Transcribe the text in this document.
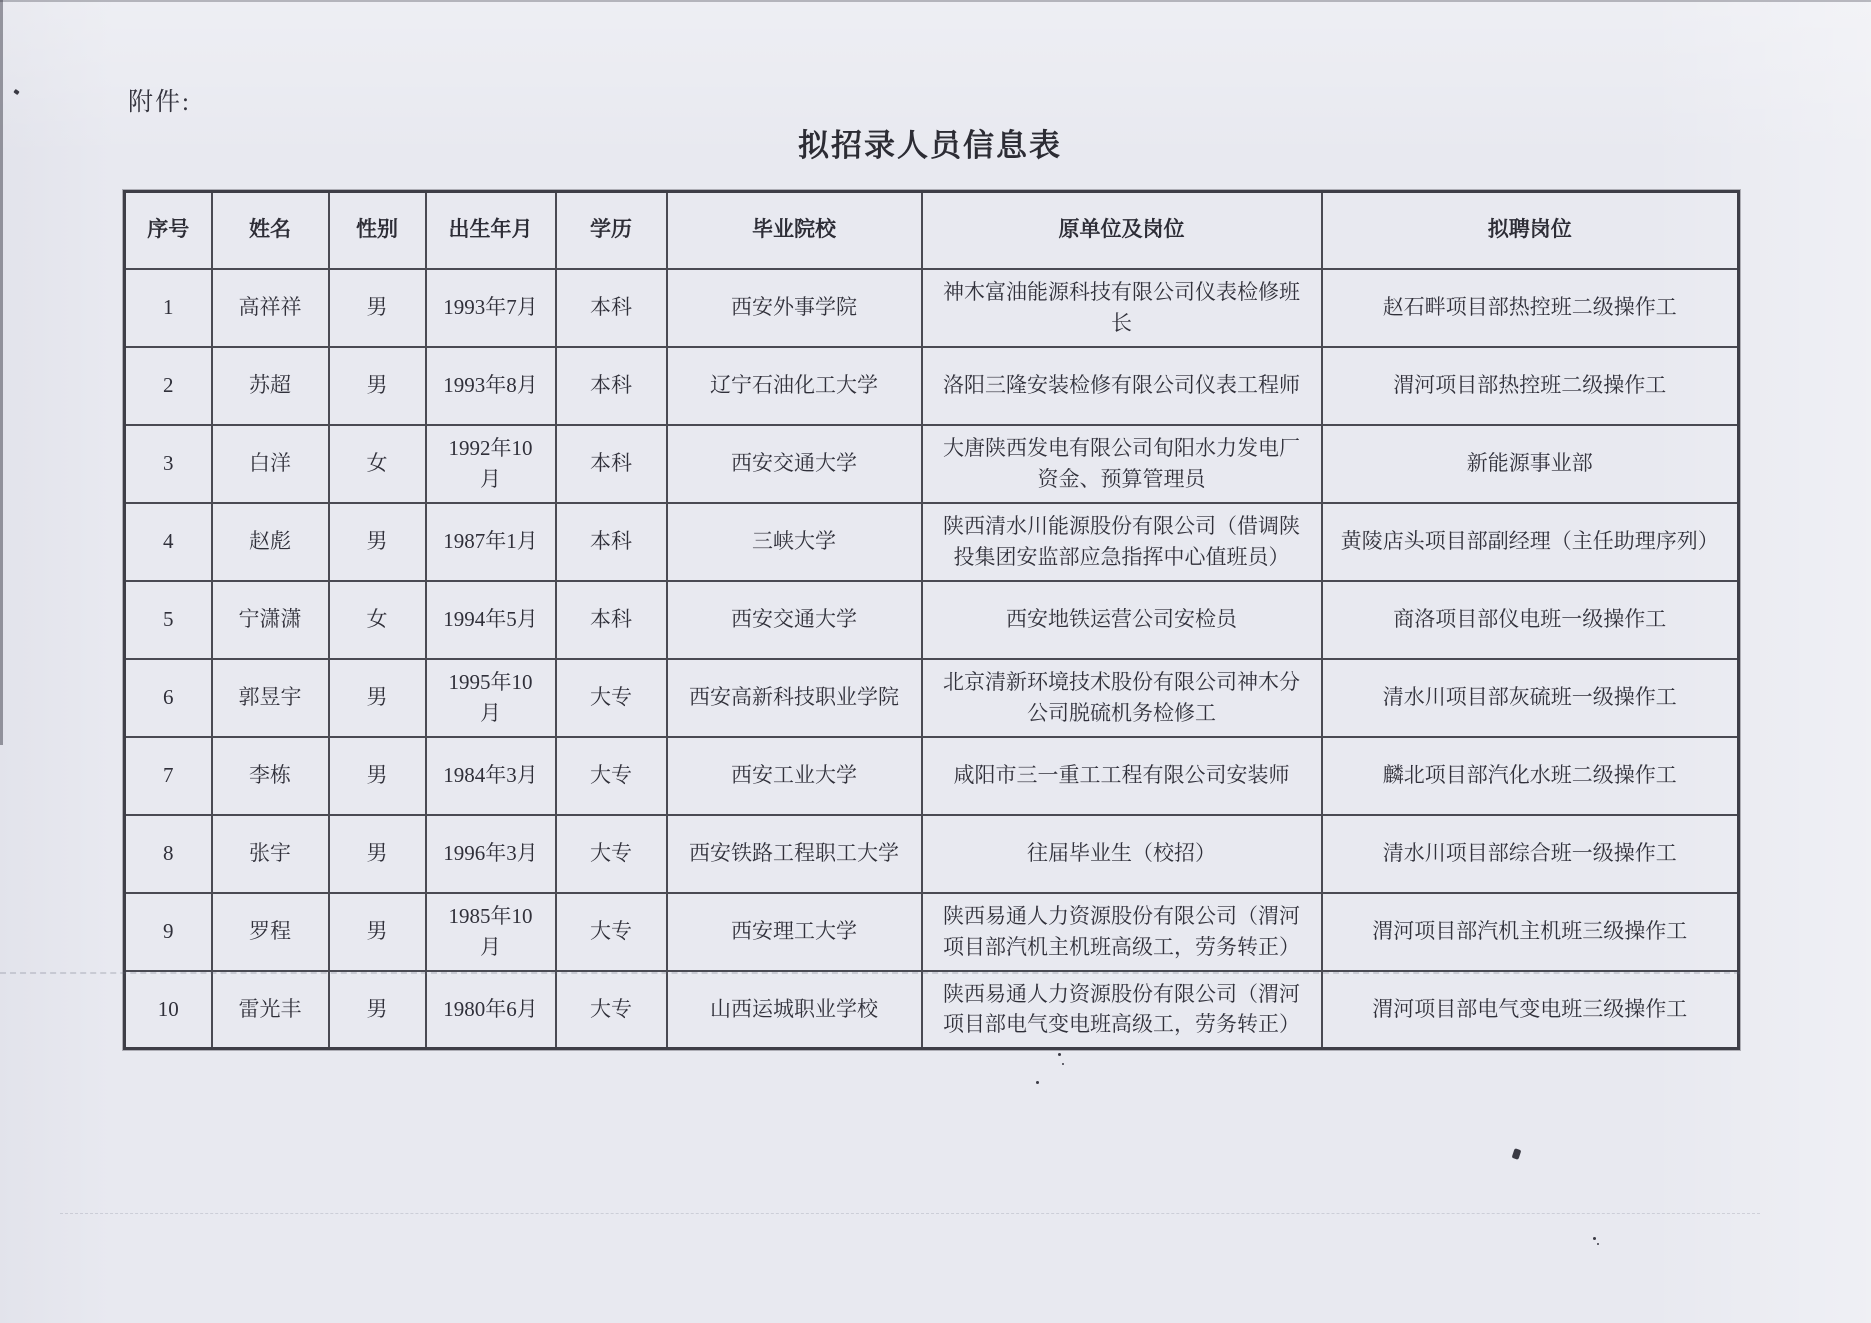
附件:
拟招录人员信息表
序号	姓名	性别	出生年月	学历	毕业院校	原单位及岗位	拟聘岗位
1	高祥祥	男	1993年7月	本科	西安外事学院	神木富油能源科技有限公司仪表检修班长	赵石畔项目部热控班二级操作工
2	苏超	男	1993年8月	本科	辽宁石油化工大学	洛阳三隆安装检修有限公司仪表工程师	渭河项目部热控班二级操作工
3	白洋	女	1992年10月	本科	西安交通大学	大唐陕西发电有限公司旬阳水力发电厂资金、预算管理员	新能源事业部
4	赵彪	男	1987年1月	本科	三峡大学	陕西清水川能源股份有限公司（借调陕投集团安监部应急指挥中心值班员）	黄陵店头项目部副经理（主任助理序列）
5	宁潇潇	女	1994年5月	本科	西安交通大学	西安地铁运营公司安检员	商洛项目部仪电班一级操作工
6	郭昱宇	男	1995年10月	大专	西安高新科技职业学院	北京清新环境技术股份有限公司神木分公司脱硫机务检修工	清水川项目部灰硫班一级操作工
7	李栋	男	1984年3月	大专	西安工业大学	咸阳市三一重工工程有限公司安装师	麟北项目部汽化水班二级操作工
8	张宇	男	1996年3月	大专	西安铁路工程职工大学	往届毕业生（校招）	清水川项目部综合班一级操作工
9	罗程	男	1985年10月	大专	西安理工大学	陕西易通人力资源股份有限公司（渭河项目部汽机主机班高级工，劳务转正）	渭河项目部汽机主机班三级操作工
10	雷光丰	男	1980年6月	大专	山西运城职业学校	陕西易通人力资源股份有限公司（渭河项目部电气变电班高级工，劳务转正）	渭河项目部电气变电班三级操作工
